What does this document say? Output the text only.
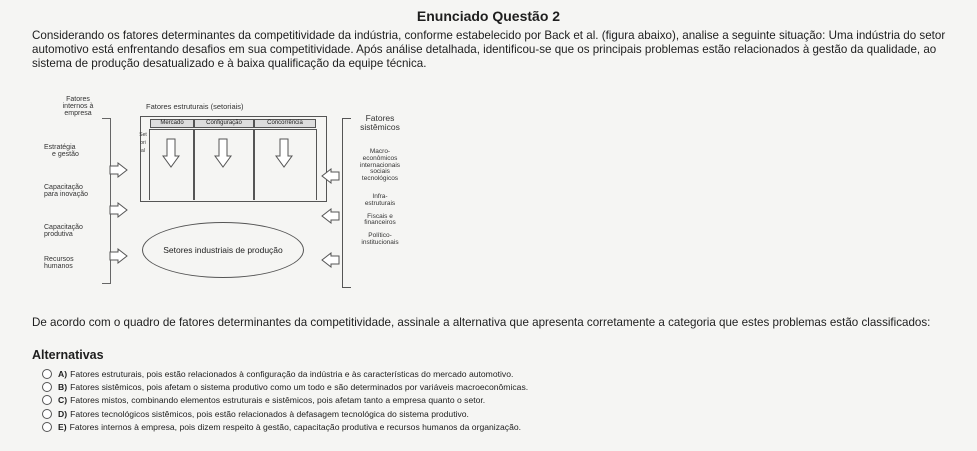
Enunciado Questão 2
Considerando os fatores determinantes da competitividade da indústria, conforme estabelecido por Back et al. (figura abaixo), analise a seguinte situação: Uma indústria do setor automotivo está enfrentando desafios em sua competitividade. Após análise detalhada, identificou-se que os principais problemas estão relacionados à gestão da qualidade, ao sistema de produção desatualizado e à baixa qualificação da equipe técnica.
Fatores
internos à
empresa
Estratégia
e gestão
Capacitação
para inovação
Capacitação
produtiva
Recursos
humanos
Fatores estruturais (setoriais)
Mercado	Configuração	Concorrência
Setorial
Setores industriais de produção
Fatores
sistêmicos
Macro-
econômicos
internacionais
sociais
tecnológicos
Infra-
estruturais
Fiscais e
financeiros
Político-
institucionais
De acordo com o quadro de fatores determinantes da competitividade, assinale a alternativa que apresenta corretamente a categoria que estes problemas estão classificados:
Alternativas
A) Fatores estruturais, pois estão relacionados à configuração da indústria e às características do mercado automotivo.
B) Fatores sistêmicos, pois afetam o sistema produtivo como um todo e são determinados por variáveis macroeconômicas.
C) Fatores mistos, combinando elementos estruturais e sistêmicos, pois afetam tanto a empresa quanto o setor.
D) Fatores tecnológicos sistêmicos, pois estão relacionados à defasagem tecnológica do sistema produtivo.
E) Fatores internos à empresa, pois dizem respeito à gestão, capacitação produtiva e recursos humanos da organização.
